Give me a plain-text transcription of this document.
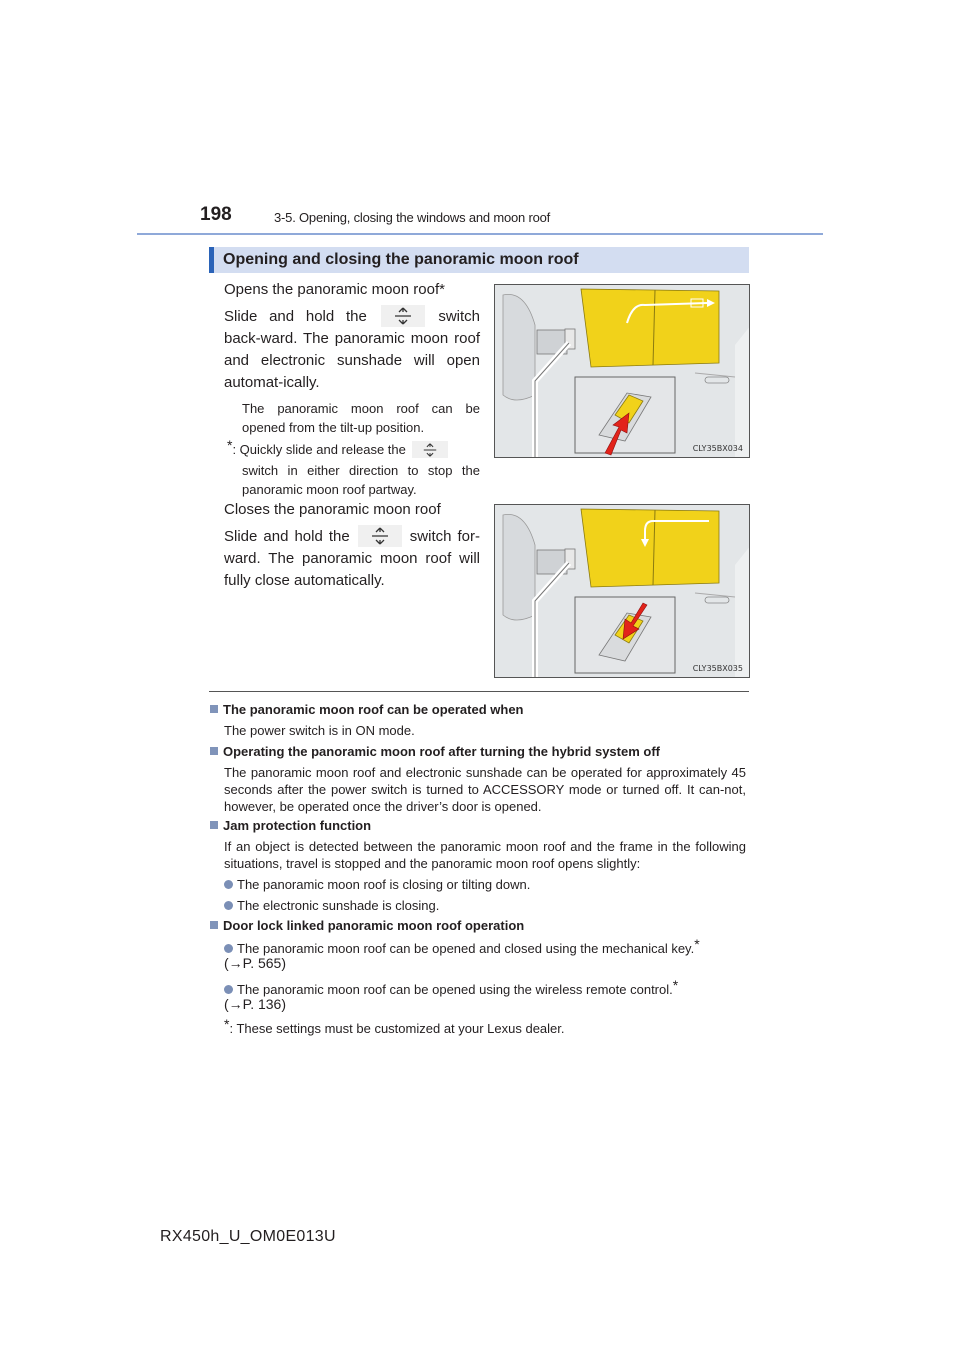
198	3-5. Opening, closing the windows and moon roof
Opening and closing the panoramic moon roof
Opens the panoramic moon roof*
Slide and hold the	switch back-ward. The panoramic moon roof and electronic sunshade will open automat-ically.
The panoramic moon roof can be opened from the tilt-up position.
*: Quickly slide and release the
switch in either direction to stop the panoramic moon roof partway.
CLY35BX034
Closes the panoramic moon roof
Slide and hold the	switch for-ward. The panoramic moon roof will fully close automatically.
CLY35BX035
The panoramic moon roof can be operated when
The power switch is in ON mode.
Operating the panoramic moon roof after turning the hybrid system off
The panoramic moon roof and electronic sunshade can be operated for approximately 45 seconds after the power switch is turned to ACCESSORY mode or turned off. It can-not, however, be operated once the driver’s door is opened.
Jam protection function
If an object is detected between the panoramic moon roof and the frame in the following situations, travel is stopped and the panoramic moon roof opens slightly:
The panoramic moon roof is closing or tilting down.
The electronic sunshade is closing.
Door lock linked panoramic moon roof operation
The panoramic moon roof can be opened and closed using the mechanical key.*
(→P. 565)
The panoramic moon roof can be opened using the wireless remote control.*
(→P. 136)
*: These settings must be customized at your Lexus dealer.
RX450h_U_OM0E013U
